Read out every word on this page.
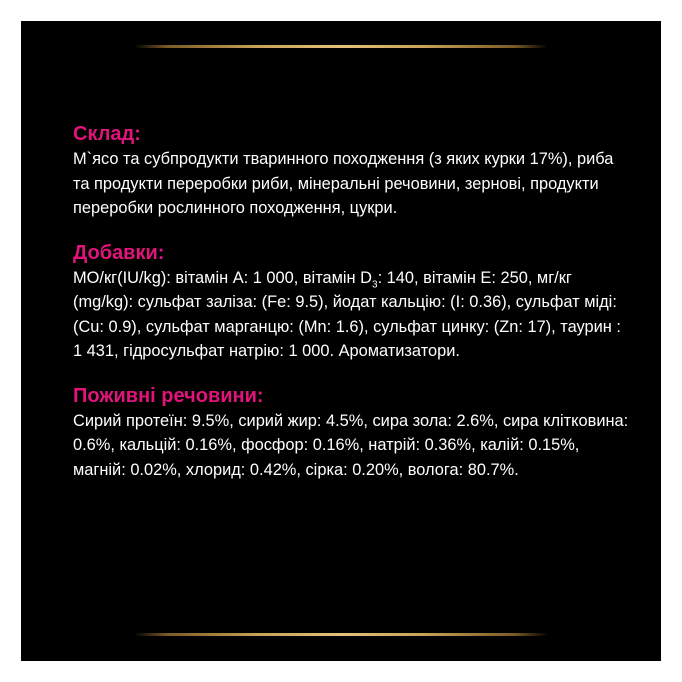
Склад:

М`ясо та субпродукти тваринного походження (з яких курки 17%), риба та продукти переробки риби, мінеральні речовини, зернові, продукти переробки рослинного походження, цукри.

Добавки:

МО/кг(IU/kg): вітамін А: 1 000, вітамін $D_3$: 140, вітамін Е: 250, мг/кг (mg/kg): сульфат заліза: (Fe: 9.5), йодат кальцію: (I: 0.36), сульфат міді: (Cu: 0.9), сульфат марганцю: (Mn: 1.6), сульфат цинку: (Zn: 17), таурин : 1 431, гідросульфат натрію: 1 000. Ароматизатори.

Поживні речовини:

Сирий протеїн: 9.5%, сирий жир: 4.5%, сира зола: 2.6%, сира клітковина: 0.6%, кальцій: 0.16%, фосфор: 0.16%, натрій: 0.36%, калій: 0.15%, магній: 0.02%, хлорид: 0.42%, сірка: 0.20%, волога: 80.7%.
